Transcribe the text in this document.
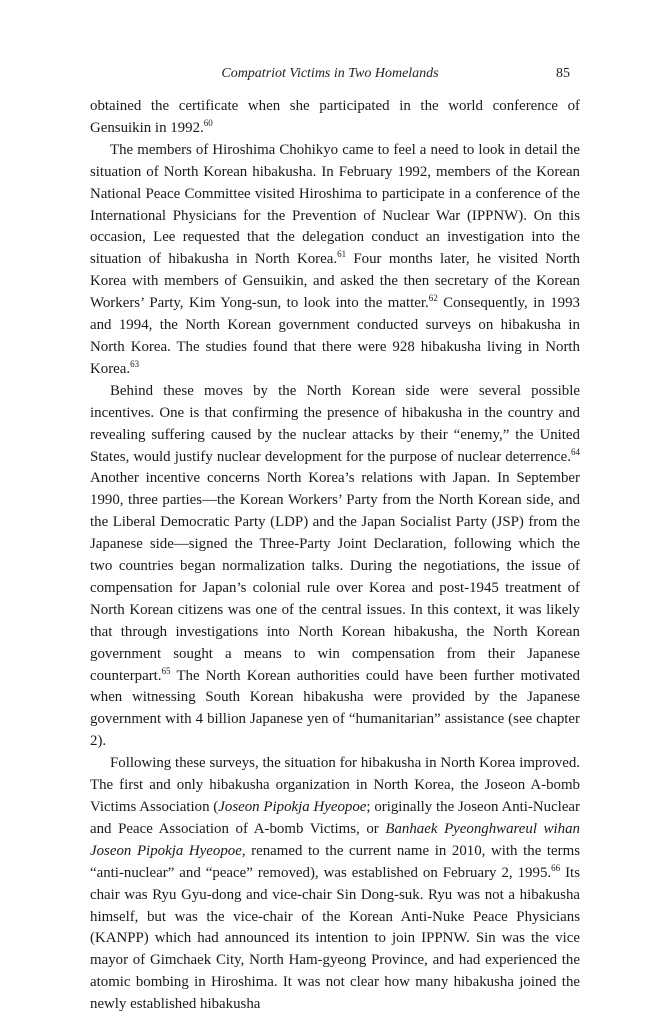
Compatriot Victims in Two Homelands	85

obtained the certificate when she participated in the world conference of Gensuikin in 1992.60

The members of Hiroshima Chohikyo came to feel a need to look in detail the situation of North Korean hibakusha. In February 1992, members of the Korean National Peace Committee visited Hiroshima to participate in a conference of the International Physicians for the Prevention of Nuclear War (IPPNW). On this occasion, Lee requested that the delegation conduct an investigation into the situation of hibakusha in North Korea.$^{61}$ Four months later, he visited North Korea with members of Gensuikin, and asked the then secretary of the Korean Workers’ Party, Kim Yong-sun, to look into the matter.$^{62}$ Consequently, in 1993 and 1994, the North Korean government conducted surveys on hibakusha in North Korea. The studies found that there were 928 hibakusha living in North Korea.$^{63}$

Behind these moves by the North Korean side were several possible incentives. One is that confirming the presence of hibakusha in the country and revealing suffering caused by the nuclear attacks by their “enemy,” the United States, would justify nuclear development for the purpose of nuclear deterrence.$^{64}$ Another incentive concerns North Korea’s relations with Japan. In September 1990, three parties—the Korean Workers’ Party from the North Korean side, and the Liberal Democratic Party (LDP) and the Japan Socialist Party (JSP) from the Japanese side—signed the Three-Party Joint Declaration, following which the two countries began normalization talks. During the negotiations, the issue of compensation for Japan’s colonial rule over Korea and post-1945 treatment of North Korean citizens was one of the central issues. In this context, it was likely that through investigations into North Korean hibakusha, the North Korean government sought a means to win compensation from their Japanese counterpart.$^{65}$ The North Korean authorities could have been further motivated when witnessing South Korean hibakusha were provided by the Japanese government with 4 billion Japanese yen of “humanitarian” assistance (see chapter 2).

Following these surveys, the situation for hibakusha in North Korea improved. The first and only hibakusha organization in North Korea, the Joseon A-bomb Victims Association (Joseon Pipokja Hyeopoe; originally the Joseon Anti-Nuclear and Peace Association of A-bomb Victims, or Banhaek Pyeonghwareul wihan Joseon Pipokja Hyeopoe, renamed to the current name in 2010, with the terms “anti-nuclear” and “peace” removed), was established on February 2, 1995.66 Its chair was Ryu Gyu-dong and vice-chair Sin Dong-suk. Ryu was not a hibakusha himself, but was the vice-chair of the Korean Anti-Nuke Peace Physicians (KANPP) which had announced its intention to join IPPNW. Sin was the vice mayor of Gimchaek City, North Ham-gyeong Province, and had experienced the atomic bombing in Hiroshima. It was not clear how many hibakusha joined the newly established hibakusha
